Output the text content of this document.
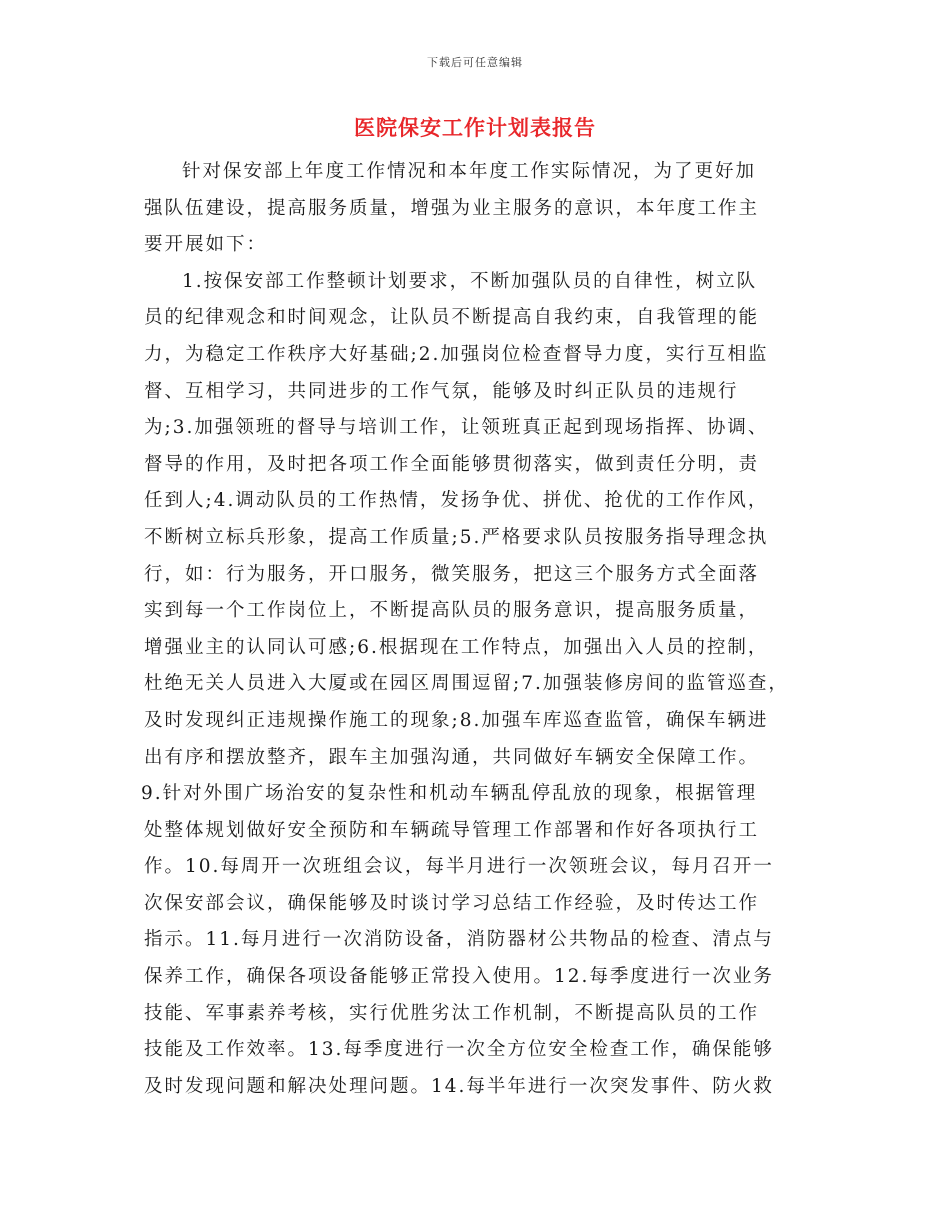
下载后可任意编辑
医院保安工作计划表报告
针对保安部上年度工作情况和本年度工作实际情况，为了更好加
强队伍建设，提高服务质量，增强为业主服务的意识，本年度工作主
要开展如下：
1.按保安部工作整顿计划要求，不断加强队员的自律性，树立队
员的纪律观念和时间观念，让队员不断提高自我约束，自我管理的能
力，为稳定工作秩序大好基础;2.加强岗位检查督导力度，实行互相监
督、互相学习，共同进步的工作气氛，能够及时纠正队员的违规行
为;3.加强领班的督导与培训工作，让领班真正起到现场指挥、协调、
督导的作用，及时把各项工作全面能够贯彻落实，做到责任分明，责
任到人;4.调动队员的工作热情，发扬争优、拼优、抢优的工作作风，
不断树立标兵形象，提高工作质量;5.严格要求队员按服务指导理念执
行，如：行为服务，开口服务，微笑服务，把这三个服务方式全面落
实到每一个工作岗位上，不断提高队员的服务意识，提高服务质量，
增强业主的认同认可感;6.根据现在工作特点，加强出入人员的控制，
杜绝无关人员进入大厦或在园区周围逗留;7.加强装修房间的监管巡查，
及时发现纠正违规操作施工的现象;8.加强车库巡查监管，确保车辆进
出有序和摆放整齐，跟车主加强沟通，共同做好车辆安全保障工作。
9.针对外围广场治安的复杂性和机动车辆乱停乱放的现象，根据管理
处整体规划做好安全预防和车辆疏导管理工作部署和作好各项执行工
作。10.每周开一次班组会议，每半月进行一次领班会议，每月召开一
次保安部会议，确保能够及时谈讨学习总结工作经验，及时传达工作
指示。11.每月进行一次消防设备，消防器材公共物品的检查、清点与
保养工作，确保各项设备能够正常投入使用。12.每季度进行一次业务
技能、军事素养考核，实行优胜劣汰工作机制，不断提高队员的工作
技能及工作效率。13.每季度进行一次全方位安全检查工作，确保能够
及时发现问题和解决处理问题。14.每半年进行一次突发事件、防火救
